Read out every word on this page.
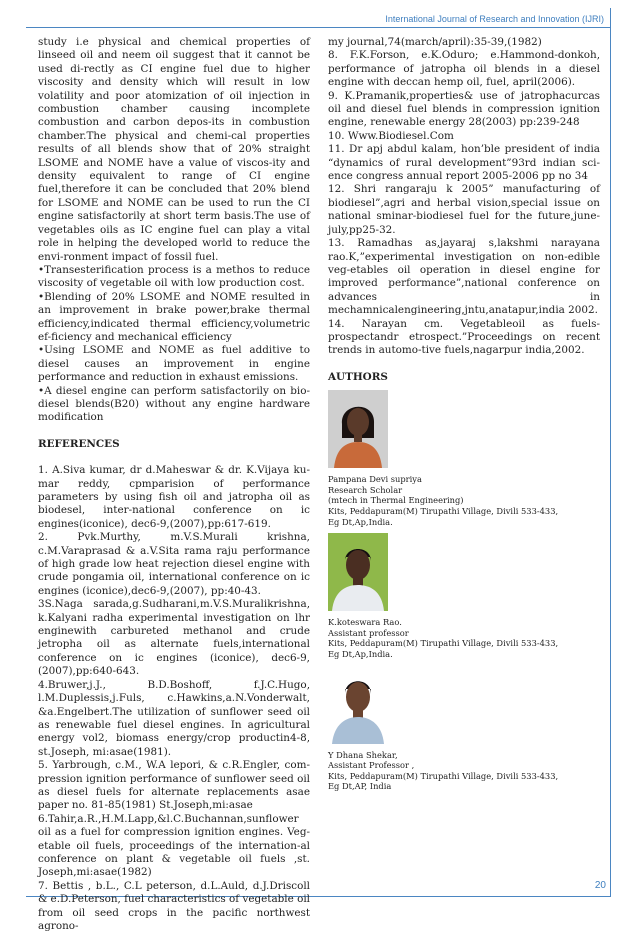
International Journal of Research and Innovation (IJRI)

study i.e physical and chemical properties of linseed oil and neem oil suggest that it cannot be used di-rectly as CI engine fuel due to higher viscosity and density which will result in low volatility and poor atomization of oil injection in combustion chamber causing incomplete combustion and carbon depos-its in combustion chamber.The physical and chemi-cal properties results of all blends show that of 20% straight LSOME and NOME have a value of viscos-ity and density equivalent to range of CI engine fuel,therefore it can be concluded that 20% blend for LSOME and NOME can be used to run the CI engine satisfactorily at short term basis.The use of vegetables oils as IC engine fuel can play a vital role in helping the developed world to reduce the envi-ronment impact of fossil fuel.

•Transesterification process is a methos to reduce viscosity of vegetable oil with low production cost.

•Blending of 20% LSOME and NOME resulted in an improvement in brake power,brake thermal efficiency,indicated thermal efficiency,volumetric ef-ficiency and mechanical efficiency

•Using LSOME and NOME as fuel additive to diesel causes an improvement in engine performance and reduction in exhaust emissions.

•A diesel engine can perform satisfactorily on bio-diesel blends(B20) without any engine hardware modification

REFERENCES

1. A.Siva kumar, dr d.Maheswar & dr. K.Vijaya ku-mar reddy, cpmparision of performance parameters by using fish oil and jatropha oil as biodesel, inter-national conference on ic engines(iconice), dec6-9,(2007),pp:617-619.

2. Pvk.Murthy, m.V.S.Murali krishna, c.M.Varaprasad & a.V.Sita rama raju performance of high grade low heat rejection diesel engine with crude pongamia oil, international conference on ic engines (iconice),dec6-9,(2007), pp:40-43.

3S.Naga sarada,g.Sudharani,m.V.S.Muralikrishna, k.Kalyani radha experimental investigation on lhr enginewith carbureted methanol and crude jetropha oil as alternate fuels,international conference on ic engines (iconice), dec6-9,(2007),pp:640-643.

4.Bruwer,j.J., B.D.Boshoff, f.J.C.Hugo, l.M.Duplessis,j.Fuls, c.Hawkins,a.N.Vonderwalt, &a.Engelbert.The utilization of sunflower seed oil as renewable fuel diesel engines. In agricultural energy vol2, biomass energy/crop productin4-8, st.Joseph, mi:asae(1981).

5. Yarbrough, c.M., W.A lepori, & c.R.Engler, com-pression ignition performance of sunflower seed oil as diesel fuels for alternate replacements asae paper no. 81-85(1981) St.Joseph,mi:asae

6.Tahir,a.R.,H.M.Lapp,&l.C.Buchannan,sunflower oil as a fuel for compression ignition engines. Veg-etable oil fuels, proceedings of the internation-al conference on plant & vegetable oil fuels ,st. Joseph,mi:asae(1982)

7. Bettis , b.L., C.L peterson, d.L.Auld, d.J.Driscoll & e.D.Peterson, fuel characteristics of vegetable oil from oil seed crops in the pacific northwest agrono-

my journal,74(march/april):35-39,(1982)

8. F.K.Forson, e.K.Oduro; e.Hammond-donkoh, performance of jatropha oil blends in a diesel engine with deccan hemp oil, fuel, april(2006).

9. K.Pramanik,properties& use of jatrophacurcas oil and diesel fuel blends in compression ignition engine, renewable energy 28(2003) pp:239-248

10. Www.Biodiesel.Com

11. Dr apj abdul kalam, hon’ble president of india “dynamics of rural development”93rd indian sci-ence congress annual report 2005-2006 pp no 34

12. Shri rangaraju k 2005” manufacturing of biodiesel”,agri and herbal vision,special issue on national sminar-biodiesel fuel for the future,june-july,pp25-32.

13. Ramadhas as,jayaraj s,lakshmi narayana rao.K,”experimental investigation on non-edible veg-etables oil operation in diesel engine for improved performance”,national conference on advances in mechamnicalengineering,jntu,anatapur,india 2002.

14. Narayan cm. Vegetableoil as fuels-prospectandr etrospect.”Proceedings on recent trends in automo-tive fuels,nagarpur india,2002.

AUTHORS

Pampana Devi supriya
Research Scholar
(mtech in Thermal Engineering)
Kits, Peddapuram(M) Tirupathi Village, Divili 533-433,
Eg Dt,Ap,India.
K.koteswara Rao.
Assistant professor
Kits, Peddapuram(M) Tirupathi Village, Divili 533-433,
Eg Dt,Ap,India.
Y Dhana Shekar,
Assistant Professor ,
Kits, Peddapuram(M) Tirupathi Village, Divili 533-433,
Eg Dt,AP, India
20
